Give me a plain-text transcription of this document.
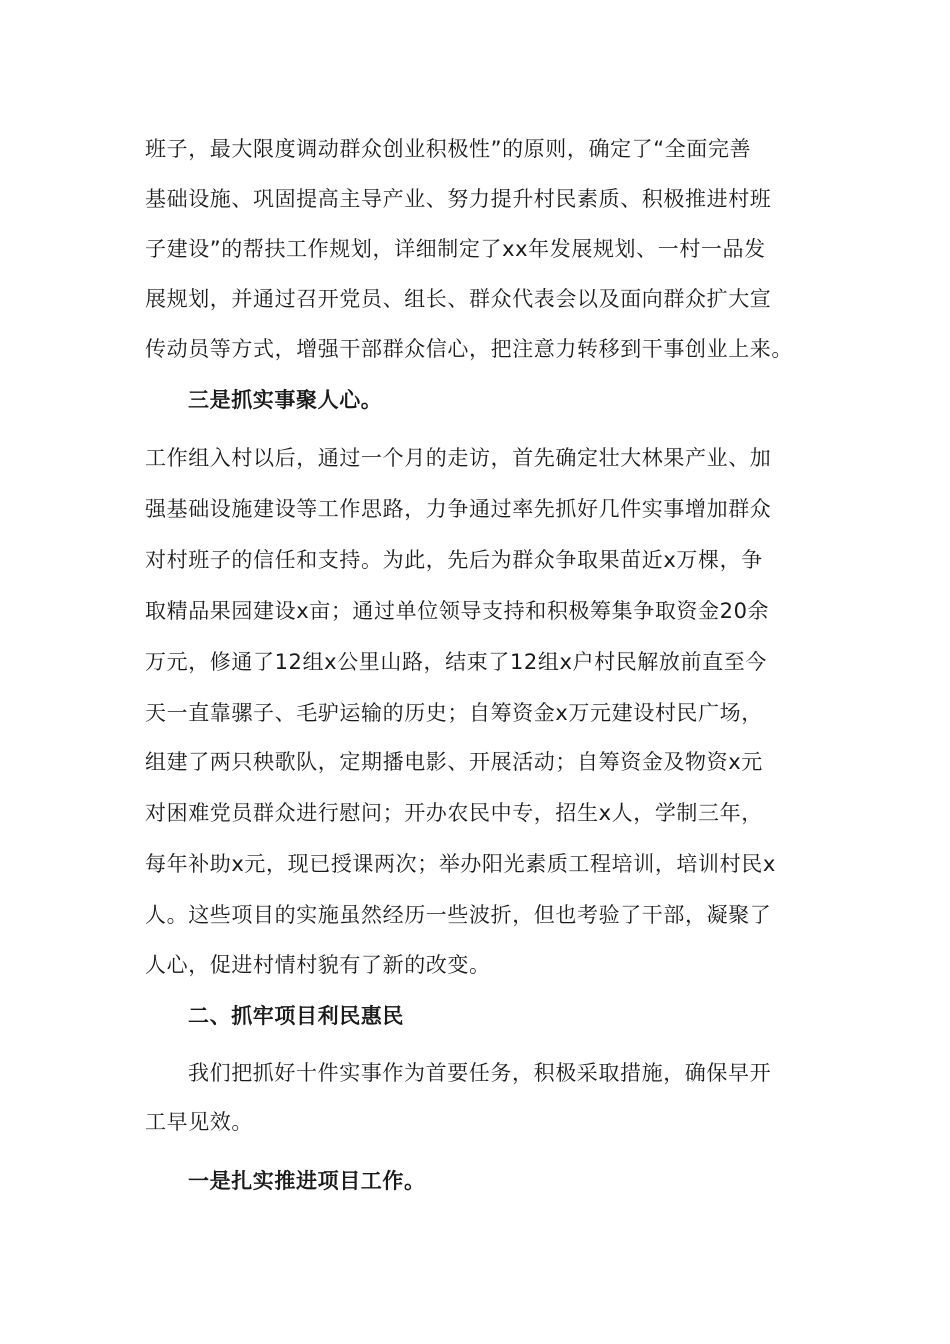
班子，最大限度调动群众创业积极性”的原则，确定了“全面完善
基础设施、巩固提高主导产业、努力提升村民素质、积极推进村班
子建设”的帮扶工作规划，详细制定了xx年发展规划、一村一品发
展规划，并通过召开党员、组长、群众代表会以及面向群众扩大宣
传动员等方式，增强干部群众信心，把注意力转移到干事创业上来。
三是抓实事聚人心。
工作组入村以后，通过一个月的走访，首先确定壮大林果产业、加
强基础设施建设等工作思路，力争通过率先抓好几件实事增加群众
对村班子的信任和支持。为此，先后为群众争取果苗近x万棵，争
取精品果园建设x亩；通过单位领导支持和积极筹集争取资金20余
万元，修通了12组x公里山路，结束了12组x户村民解放前直至今
天一直靠骡子、毛驴运输的历史；自筹资金x万元建设村民广场，
组建了两只秧歌队，定期播电影、开展活动；自筹资金及物资x元
对困难党员群众进行慰问；开办农民中专，招生x人，学制三年，
每年补助x元，现已授课两次；举办阳光素质工程培训，培训村民x
人。这些项目的实施虽然经历一些波折，但也考验了干部，凝聚了
人心，促进村情村貌有了新的改变。
二、抓牢项目利民惠民
我们把抓好十件实事作为首要任务，积极采取措施，确保早开
工早见效。
一是扎实推进项目工作。
